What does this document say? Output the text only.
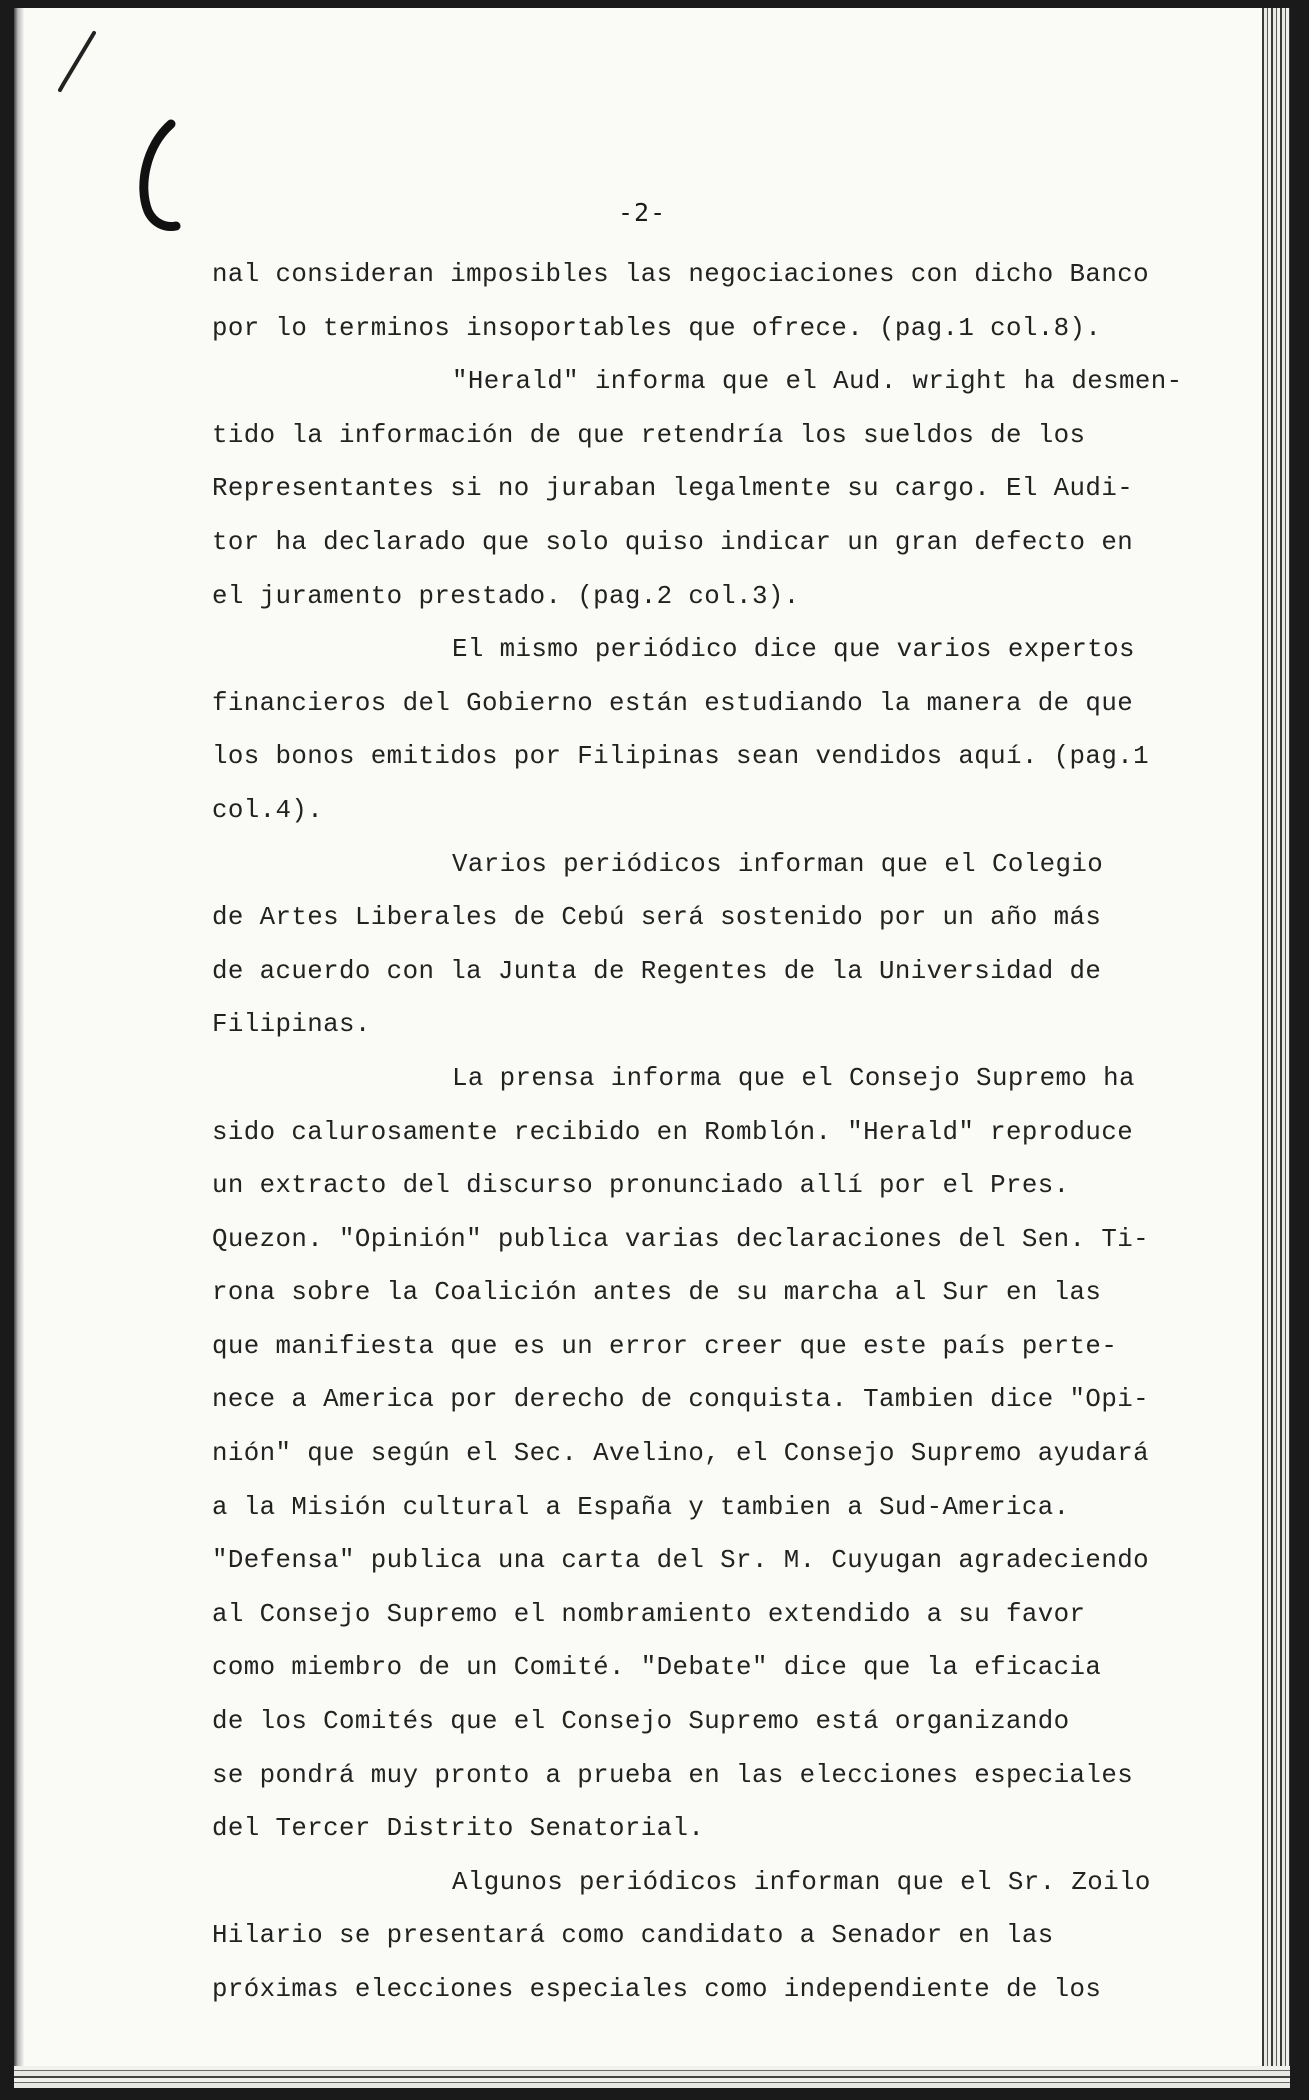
-2-
nal consideran imposibles las negociaciones con dicho Banco
por lo terminos insoportables que ofrece. (pag.1 col.8).
"Herald" informa que el Aud. wright ha desmen-
tido la información de que retendría los sueldos de los
Representantes si no juraban legalmente su cargo. El Audi-
tor ha declarado que solo quiso indicar un gran defecto en
el juramento prestado. (pag.2 col.3).
El mismo periódico dice que varios expertos
financieros del Gobierno están estudiando la manera de que
los bonos emitidos por Filipinas sean vendidos aquí. (pag.1
col.4).
Varios periódicos informan que el Colegio
de Artes Liberales de Cebú será sostenido por un año más
de acuerdo con la Junta de Regentes de la Universidad de
Filipinas.
La prensa informa que el Consejo Supremo ha
sido calurosamente recibido en Romblón. "Herald" reproduce
un extracto del discurso pronunciado allí por el Pres.
Quezon. "Opinión" publica varias declaraciones del Sen. Ti-
rona sobre la Coalición antes de su marcha al Sur en las
que manifiesta que es un error creer que este país perte-
nece a America por derecho de conquista. Tambien dice "Opi-
nión" que según el Sec. Avelino, el Consejo Supremo ayudará
a la Misión cultural a España y tambien a Sud-America.
"Defensa" publica una carta del Sr. M. Cuyugan agradeciendo
al Consejo Supremo el nombramiento extendido a su favor
como miembro de un Comité. "Debate" dice que la eficacia
de los Comités que el Consejo Supremo está organizando
se pondrá muy pronto a prueba en las elecciones especiales
del Tercer Distrito Senatorial.
Algunos periódicos informan que el Sr. Zoilo
Hilario se presentará como candidato a Senador en las
próximas elecciones especiales como independiente de los
